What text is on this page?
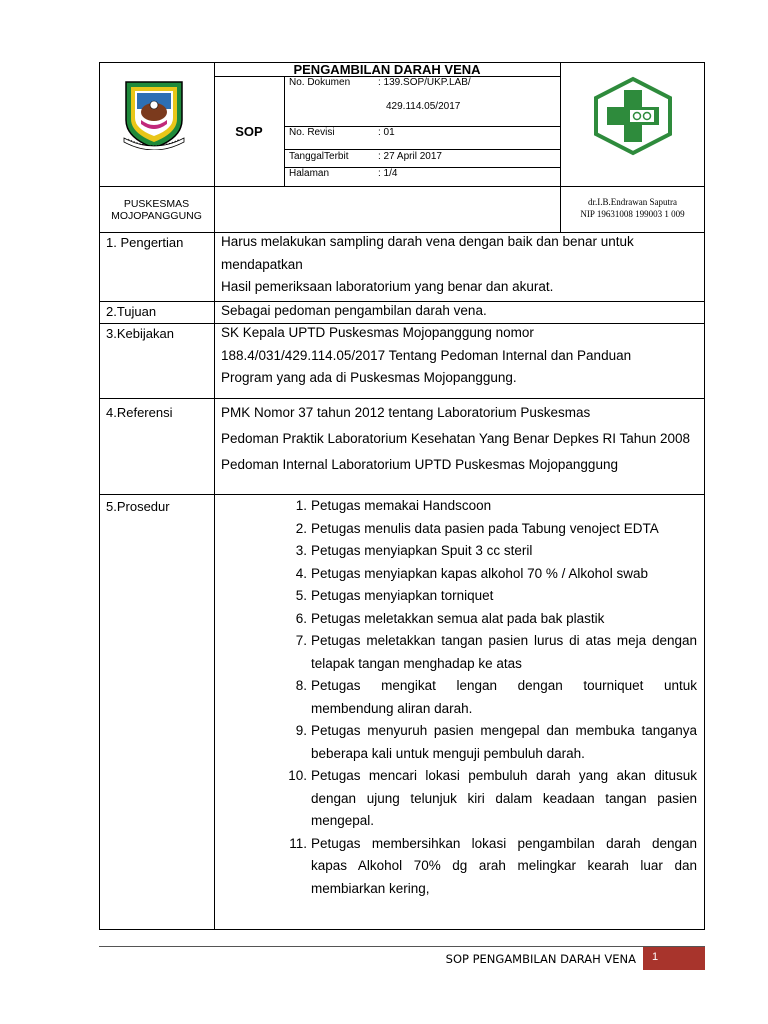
PENGAMBILAN DARAH VENA
SOP
No. Dokumen	: 139.SOP/UKP.LAB/
429.114.05/2017
No. Revisi	: 01
TanggalTerbit	: 27 April 2017
Halaman	: 1/4
PUSKESMAS
MOJOPANGGUNG
dr.I.B.Endrawan Saputra
NIP 19631008 199003 1 009
1. Pengertian	Harus melakukan sampling darah vena dengan baik dan benar untuk
mendapatkan
Hasil pemeriksaan laboratorium yang benar dan akurat.
2.Tujuan	Sebagai pedoman pengambilan darah vena.
3.Kebijakan	SK Kepala UPTD Puskesmas Mojopanggung nomor
188.4/031/429.114.05/2017 Tentang Pedoman Internal dan Panduan
Program yang ada di Puskesmas Mojopanggung.
4.Referensi	PMK Nomor 37 tahun 2012 tentang Laboratorium Puskesmas
Pedoman Praktik Laboratorium Kesehatan Yang Benar Depkes RI Tahun 2008
Pedoman Internal Laboratorium UPTD Puskesmas Mojopanggung
5.Prosedur	1. Petugas memakai Handscoon
2. Petugas menulis data pasien pada Tabung venoject EDTA
3. Petugas menyiapkan Spuit 3 cc steril
4. Petugas menyiapkan kapas alkohol 70 % / Alkohol swab
5. Petugas menyiapkan torniquet
6. Petugas meletakkan semua alat pada bak plastik
7. Petugas meletakkan tangan pasien lurus di atas meja dengan telapak tangan menghadap ke atas
8. Petugas mengikat lengan dengan tourniquet untuk membendung aliran darah.
9. Petugas menyuruh pasien mengepal dan membuka tanganya beberapa kali untuk menguji pembuluh darah.
10. Petugas mencari lokasi pembuluh darah yang akan ditusuk dengan ujung telunjuk kiri dalam keadaan tangan pasien mengepal.
11. Petugas membersihkan lokasi pengambilan darah dengan kapas Alkohol 70% dg arah melingkar kearah luar dan membiarkan kering,
SOP PENGAMBILAN DARAH VENA 1
